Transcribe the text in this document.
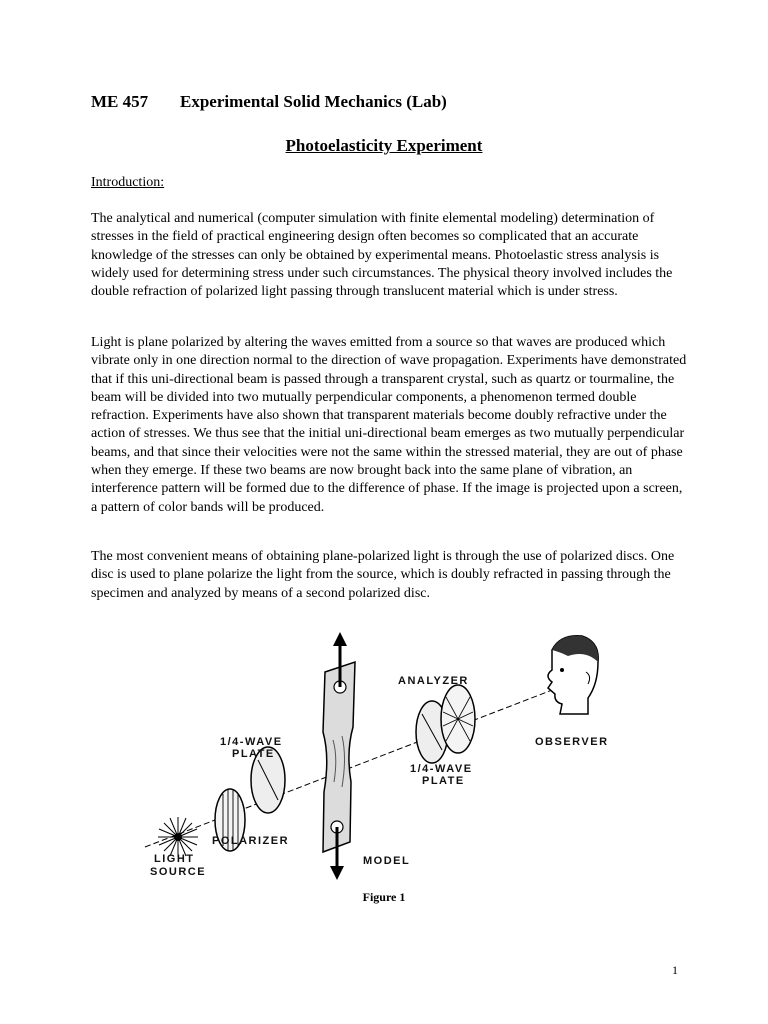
ME 457 Experimental Solid Mechanics (Lab)
Photoelasticity Experiment
Introduction:

The analytical and numerical (computer simulation with finite elemental modeling) determination of stresses in the field of practical engineering design often becomes so complicated that an accurate knowledge of the stresses can only be obtained by experimental means. Photoelastic stress analysis is widely used for determining stress under such circumstances. The physical theory involved includes the double refraction of polarized light passing through translucent material which is under stress.

Light is plane polarized by altering the waves emitted from a source so that waves are produced which vibrate only in one direction normal to the direction of wave propagation. Experiments have demonstrated that if this uni-directional beam is passed through a transparent crystal, such as quartz or tourmaline, the beam will be divided into two mutually perpendicular components, a phenomenon termed double refraction. Experiments have also shown that transparent materials become doubly refractive under the action of stresses. We thus see that the initial uni-directional beam emerges as two mutually perpendicular beams, and that since their velocities were not the same within the stressed material, they are out of phase when they emerge. If these two beams are now brought back into the same plane of vibration, an interference pattern will be formed due to the difference of phase. If the image is projected upon a screen, a pattern of color bands will be produced.

The most convenient means of obtaining plane-polarized light is through the use of polarized discs. One disc is used to plane polarize the light from the source, which is doubly refracted in passing through the specimen and analyzed by means of a second polarized disc.

ANALYZER
OBSERVER
1/4-WAVE
PLATE
1/4-WAVE
PLATE
POLARIZER
LIGHT
SOURCE
MODEL
Figure 1
1
